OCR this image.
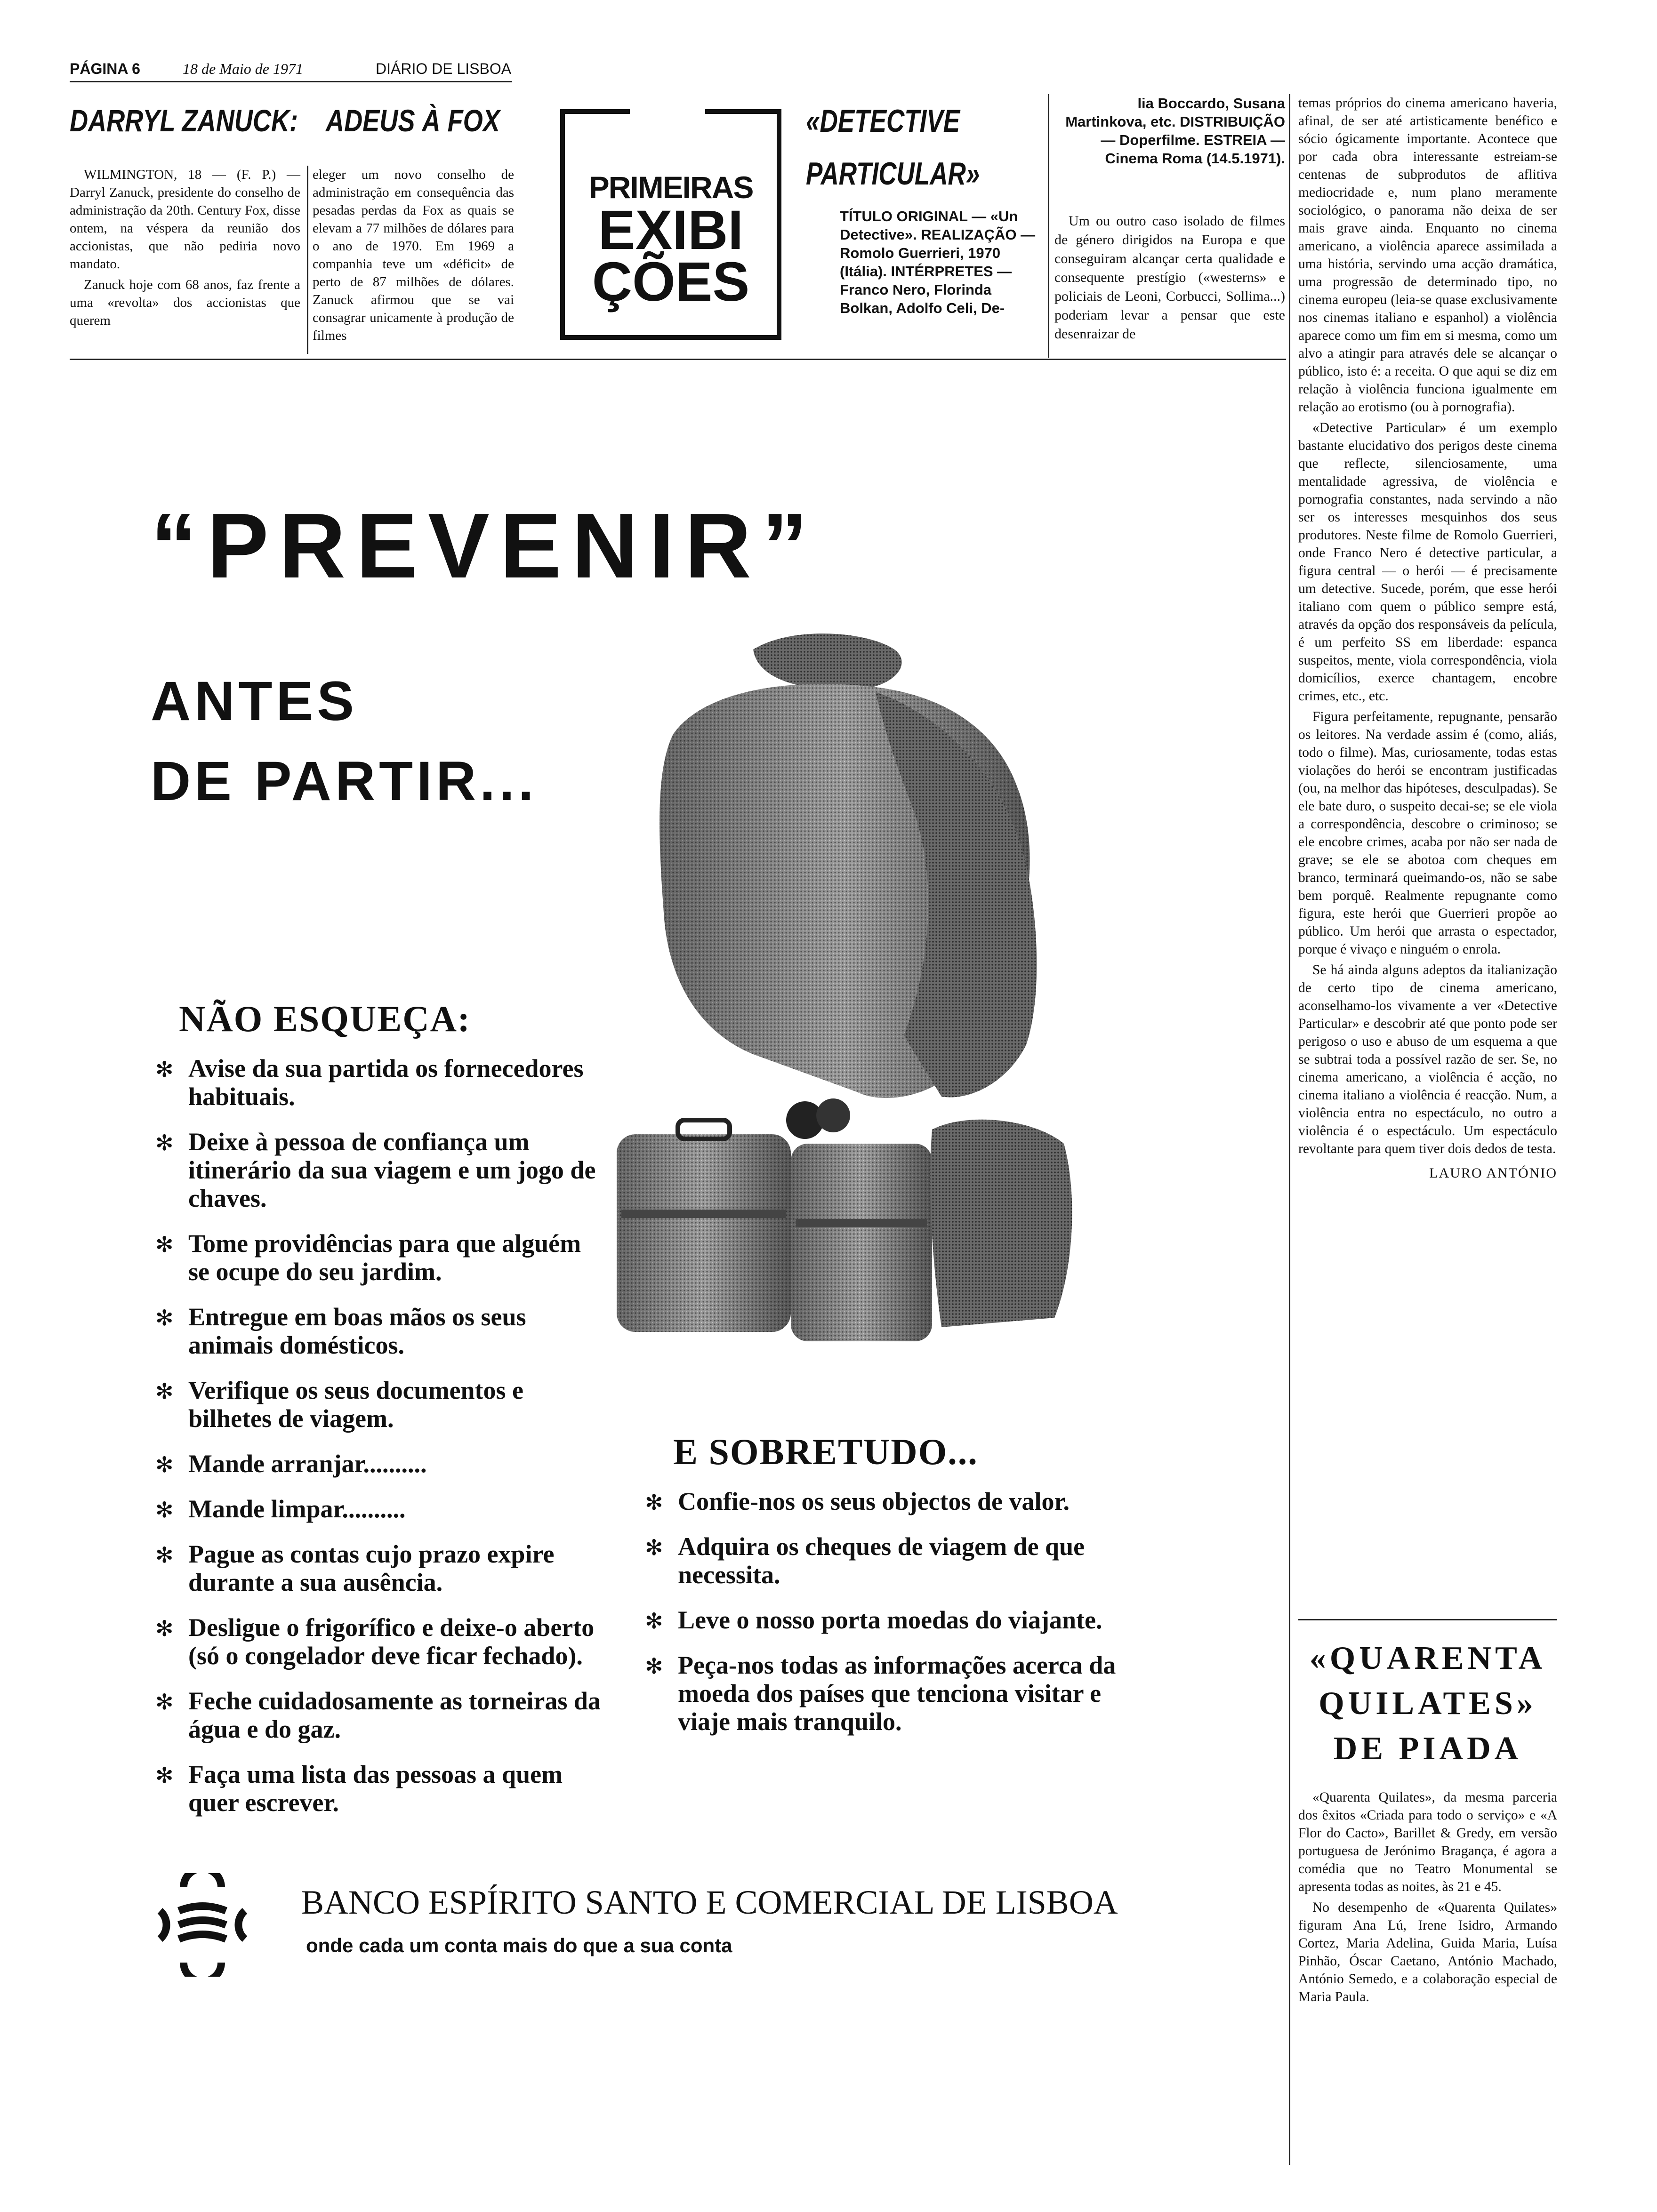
PÁGINA 6	18 de Maio de 1971	DIÁRIO DE LISBOA
DARRYL ZANUCK: ADEUS À FOX

WILMINGTON, 18 — (F. P.) — Darryl Zanuck, presidente do conselho de administração da 20th. Century Fox, disse ontem, na véspera da reunião dos accionistas, que não pediria novo mandato.

Zanuck hoje com 68 anos, faz frente a uma «revolta» dos accionistas que querem

eleger um novo conselho de administração em consequência das pesadas perdas da Fox as quais se elevam a 77 milhões de dólares para o ano de 1970. Em 1969 a companhia teve um «déficit» de perto de 87 milhões de dólares. Zanuck afirmou que se vai consagrar unicamente à produção de filmes

PRIMEIRAS
EXIBI
ÇÕES
«DETECTIVE
PARTICULAR»
TÍTULO ORIGINAL — «Un Detective». REALIZAÇÃO — Romolo Guerrieri, 1970 (Itália). INTÉRPRETES — Franco Nero, Florinda Bolkan, Adolfo Celi, De-
lia Boccardo, Susana Martinkova, etc. DISTRIBUIÇÃO — Doperfilme. ESTREIA — Cinema Roma (14.5.1971).

Um ou outro caso isolado de filmes de género dirigidos na Europa e que conseguiram alcançar certa qualidade e consequente prestígio («westerns» e policiais de Leoni, Corbucci, Sollima...) poderiam levar a pensar que este desenraizar de

temas próprios do cinema americano haveria, afinal, de ser até artisticamente benéfico e sócio ógicamente importante. Acontece que por cada obra interessante estreiam-se centenas de subprodutos de aflitiva mediocridade e, num plano meramente sociológico, o panorama não deixa de ser mais grave ainda. Enquanto no cinema americano, a violência aparece assimilada a uma história, servindo uma acção dramática, uma progressão de determinado tipo, no cinema europeu (leia-se quase exclusivamente nos cinemas italiano e espanhol) a violência aparece como um fim em si mesma, como um alvo a atingir para através dele se alcançar o público, isto é: a receita. O que aqui se diz em relação à violência funciona igualmente em relação ao erotismo (ou à pornografia).

«Detective Particular» é um exemplo bastante elucidativo dos perigos deste cinema que reflecte, silenciosamente, uma mentalidade agressiva, de violência e pornografia constantes, nada servindo a não ser os interesses mesquinhos dos seus produtores. Neste filme de Romolo Guerrieri, onde Franco Nero é detective particular, a figura central — o herói — é precisamente um detective. Sucede, porém, que esse herói italiano com quem o público sempre está, através da opção dos responsáveis da película, é um perfeito SS em liberdade: espanca suspeitos, mente, viola correspondência, viola domicílios, exerce chantagem, encobre crimes, etc., etc.

Figura perfeitamente, repugnante, pensarão os leitores. Na verdade assim é (como, aliás, todo o filme). Mas, curiosamente, todas estas violações do herói se encontram justificadas (ou, na melhor das hipóteses, desculpadas). Se ele bate duro, o suspeito decai-se; se ele viola a correspondência, descobre o criminoso; se ele encobre crimes, acaba por não ser nada de grave; se ele se abotoa com cheques em branco, terminará queimando-os, não se sabe bem porquê. Realmente repugnante como figura, este herói que Guerrieri propõe ao público. Um herói que arrasta o espectador, porque é vivaço e ninguém o enrola.

Se há ainda alguns adeptos da italianização de certo tipo de cinema americano, aconselhamo-los vivamente a ver «Detective Particular» e descobrir até que ponto pode ser perigoso o uso e abuso de um esquema a que se subtrai toda a possível razão de ser. Se, no cinema americano, a violência é acção, no cinema italiano a violência é reacção. Num, a violência entra no espectáculo, no outro a violência é o espectáculo. Um espectáculo revoltante para quem tiver dois dedos de testa.

LAURO ANTÓNIO
«QUARENTA
QUILATES»
DE PIADA

«Quarenta Quilates», da mesma parceria dos êxitos «Criada para todo o serviço» e «A Flor do Cacto», Barillet & Gredy, em versão portuguesa de Jerónimo Bragança, é agora a comédia que no Teatro Monumental se apresenta todas as noites, às 21 e 45.

No desempenho de «Quarenta Quilates» figuram Ana Lú, Irene Isidro, Armando Cortez, Maria Adelina, Guida Maria, Luísa Pinhão, Óscar Caetano, António Machado, António Semedo, e a colaboração especial de Maria Paula.

“PREVENIR”
ANTES
DE PARTIR...
NÃO ESQUEÇA:
✻ Avise da sua partida os fornecedores habituais.
✻ Deixe à pessoa de confiança um itinerário da sua viagem e um jogo de chaves.
✻ Tome providências para que alguém se ocupe do seu jardim.
✻ Entregue em boas mãos os seus animais domésticos.
✻ Verifique os seus documentos e bilhetes de viagem.
✻ Mande arranjar..........
✻ Mande limpar..........
✻ Pague as contas cujo prazo expire durante a sua ausência.
✻ Desligue o frigorífico e deixe-o aberto (só o congelador deve ficar fechado).
✻ Feche cuidadosamente as torneiras da água e do gaz.
✻ Faça uma lista das pessoas a quem quer escrever.
E SOBRETUDO...
✻ Confie-nos os seus objectos de valor.
✻ Adquira os cheques de viagem de que necessita.
✻ Leve o nosso porta moedas do viajante.
✻ Peça-nos todas as informações acerca da moeda dos países que tenciona visitar e viaje mais tranquilo.
BANCO ESPÍRITO SANTO E COMERCIAL DE LISBOA
onde cada um conta mais do que a sua conta
